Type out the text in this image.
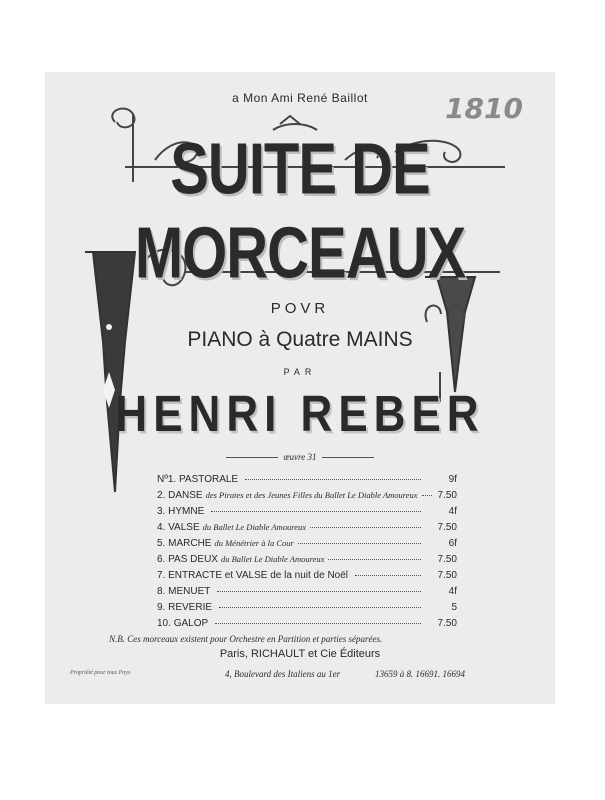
a Mon Ami René Baillot	1810
SUITE DE MORCEAUX
POVR
PIANO à Quatre MAINS
PAR
HENRI REBER
œuvre 31
Nº1.
PASTORALE	9f
2.
DANSE des Pirates et des Jeunes Filles du Ballet Le Diable Amoureux 7.50
3.
HYMNE	4f
4.
VALSE du Ballet Le Diable Amoureux	7.50
5.
MARCHE du Ménétrier à la Cour	6f
6.
PAS DEUX du Ballet Le Diable Amoureux	7.50
7.
ENTRACTE et VALSE de la nuit de Noël	7.50
8.
MENUET	4f
9.
REVERIE	5
10.
GALOP	7.50
N.B. Ces morceaux existent pour Orchestre en Partition et parties séparées.
Paris, RICHAULT et Cie Éditeurs
Propriété pour tous Pays	4, Boulevard des Italiens au 1er	13659 à 8. 16691. 16694
